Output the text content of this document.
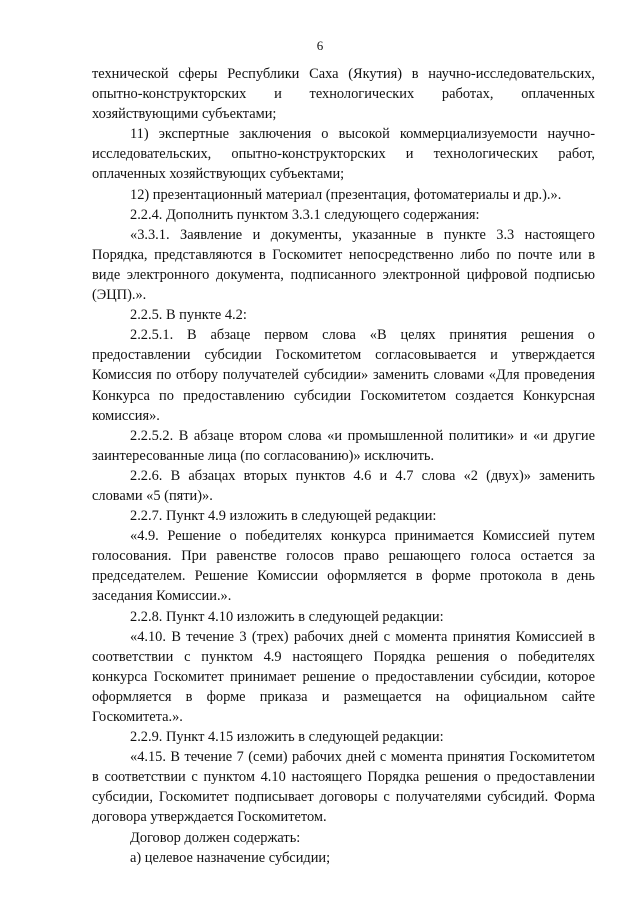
6

технической сферы Республики Саха (Якутия) в научно-исследовательских, опытно-конструкторских и технологических работах, оплаченных хозяйствующими субъектами;

11) экспертные заключения о высокой коммерциализуемости научно-исследовательских, опытно-конструкторских и технологических работ, оплаченных хозяйствующих субъектами;

12) презентационный материал (презентация, фотоматериалы и др.).».

2.2.4. Дополнить пунктом 3.3.1 следующего содержания:

«3.3.1. Заявление и документы, указанные в пункте 3.3 настоящего Порядка, представляются в Госкомитет непосредственно либо по почте или в виде электронного документа, подписанного электронной цифровой подписью (ЭЦП).».

2.2.5. В пункте 4.2:

2.2.5.1. В абзаце первом слова «В целях принятия решения о предоставлении субсидии Госкомитетом согласовывается и утверждается Комиссия по отбору получателей субсидии» заменить словами «Для проведения Конкурса по предоставлению субсидии Госкомитетом создается Конкурсная комиссия».

2.2.5.2. В абзаце втором слова «и промышленной политики» и «и другие заинтересованные лица (по согласованию)» исключить.

2.2.6. В абзацах вторых пунктов 4.6 и 4.7 слова «2 (двух)» заменить словами «5 (пяти)».

2.2.7. Пункт 4.9 изложить в следующей редакции:

«4.9. Решение о победителях конкурса принимается Комиссией путем голосования. При равенстве голосов право решающего голоса остается за председателем. Решение Комиссии оформляется в форме протокола в день заседания Комиссии.».

2.2.8. Пункт 4.10 изложить в следующей редакции:

«4.10. В течение 3 (трех) рабочих дней с момента принятия Комиссией в соответствии с пунктом 4.9 настоящего Порядка решения о победителях конкурса Госкомитет принимает решение о предоставлении субсидии, которое оформляется в форме приказа и размещается на официальном сайте Госкомитета.».

2.2.9. Пункт 4.15 изложить в следующей редакции:

«4.15. В течение 7 (семи) рабочих дней с момента принятия Госкомитетом в соответствии с пунктом 4.10 настоящего Порядка решения о предоставлении субсидии, Госкомитет подписывает договоры с получателями субсидий. Форма договора утверждается Госкомитетом.

Договор должен содержать:

а) целевое назначение субсидии;
